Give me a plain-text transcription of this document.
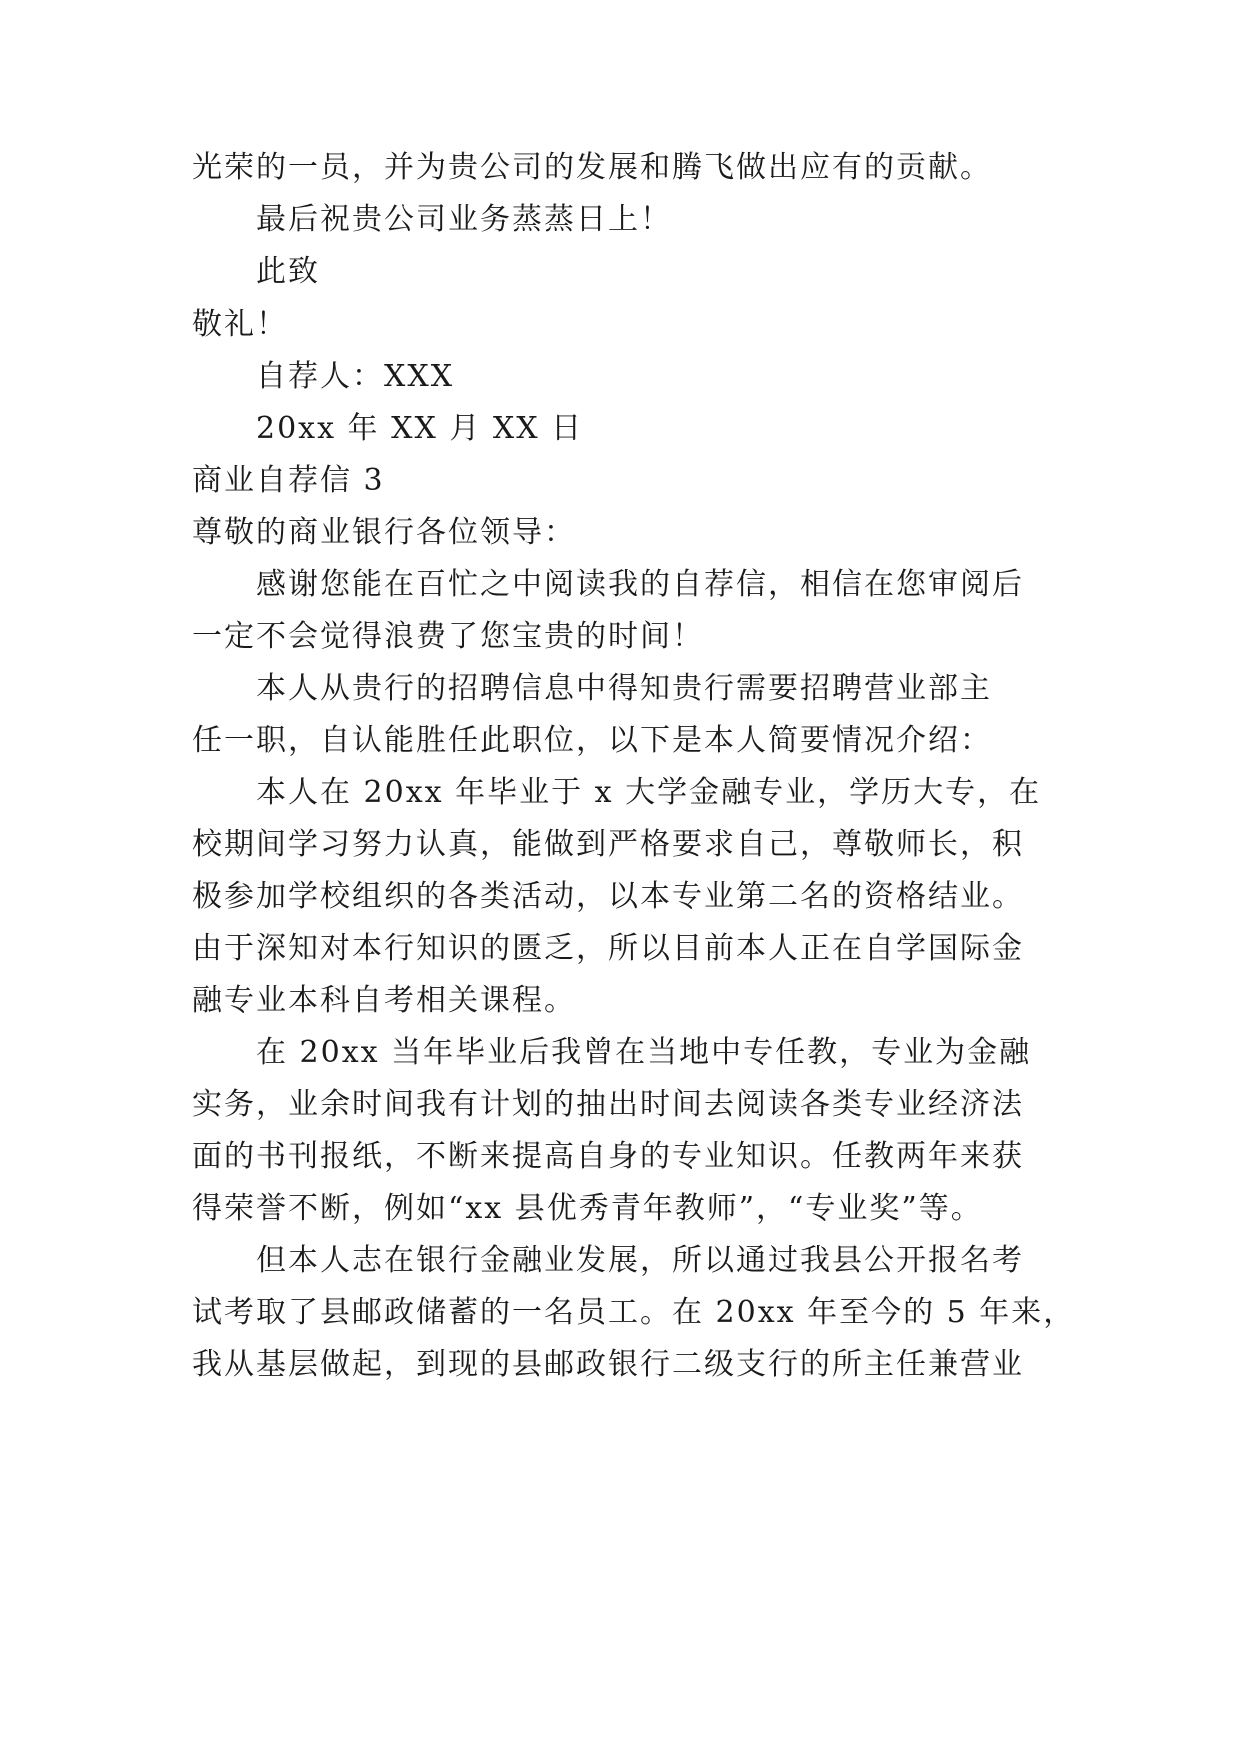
光荣的一员，并为贵公司的发展和腾飞做出应有的贡献。
最后祝贵公司业务蒸蒸日上！
此致
敬礼！
自荐人：XXX
20xx 年 XX 月 XX 日
商业自荐信 3
尊敬的商业银行各位领导：
感谢您能在百忙之中阅读我的自荐信，相信在您审阅后
一定不会觉得浪费了您宝贵的时间！
本人从贵行的招聘信息中得知贵行需要招聘营业部主
任一职，自认能胜任此职位，以下是本人简要情况介绍：
本人在 20xx 年毕业于 x 大学金融专业，学历大专，在
校期间学习努力认真，能做到严格要求自己，尊敬师长，积
极参加学校组织的各类活动，以本专业第二名的资格结业。
由于深知对本行知识的匮乏，所以目前本人正在自学国际金
融专业本科自考相关课程。
在 20xx 当年毕业后我曾在当地中专任教，专业为金融
实务，业余时间我有计划的抽出时间去阅读各类专业经济法
面的书刊报纸，不断来提高自身的专业知识。任教两年来获
得荣誉不断，例如“xx 县优秀青年教师”，“专业奖”等。
但本人志在银行金融业发展，所以通过我县公开报名考
试考取了县邮政储蓄的一名员工。在 20xx 年至今的 5 年来，
我从基层做起，到现的县邮政银行二级支行的所主任兼营业
